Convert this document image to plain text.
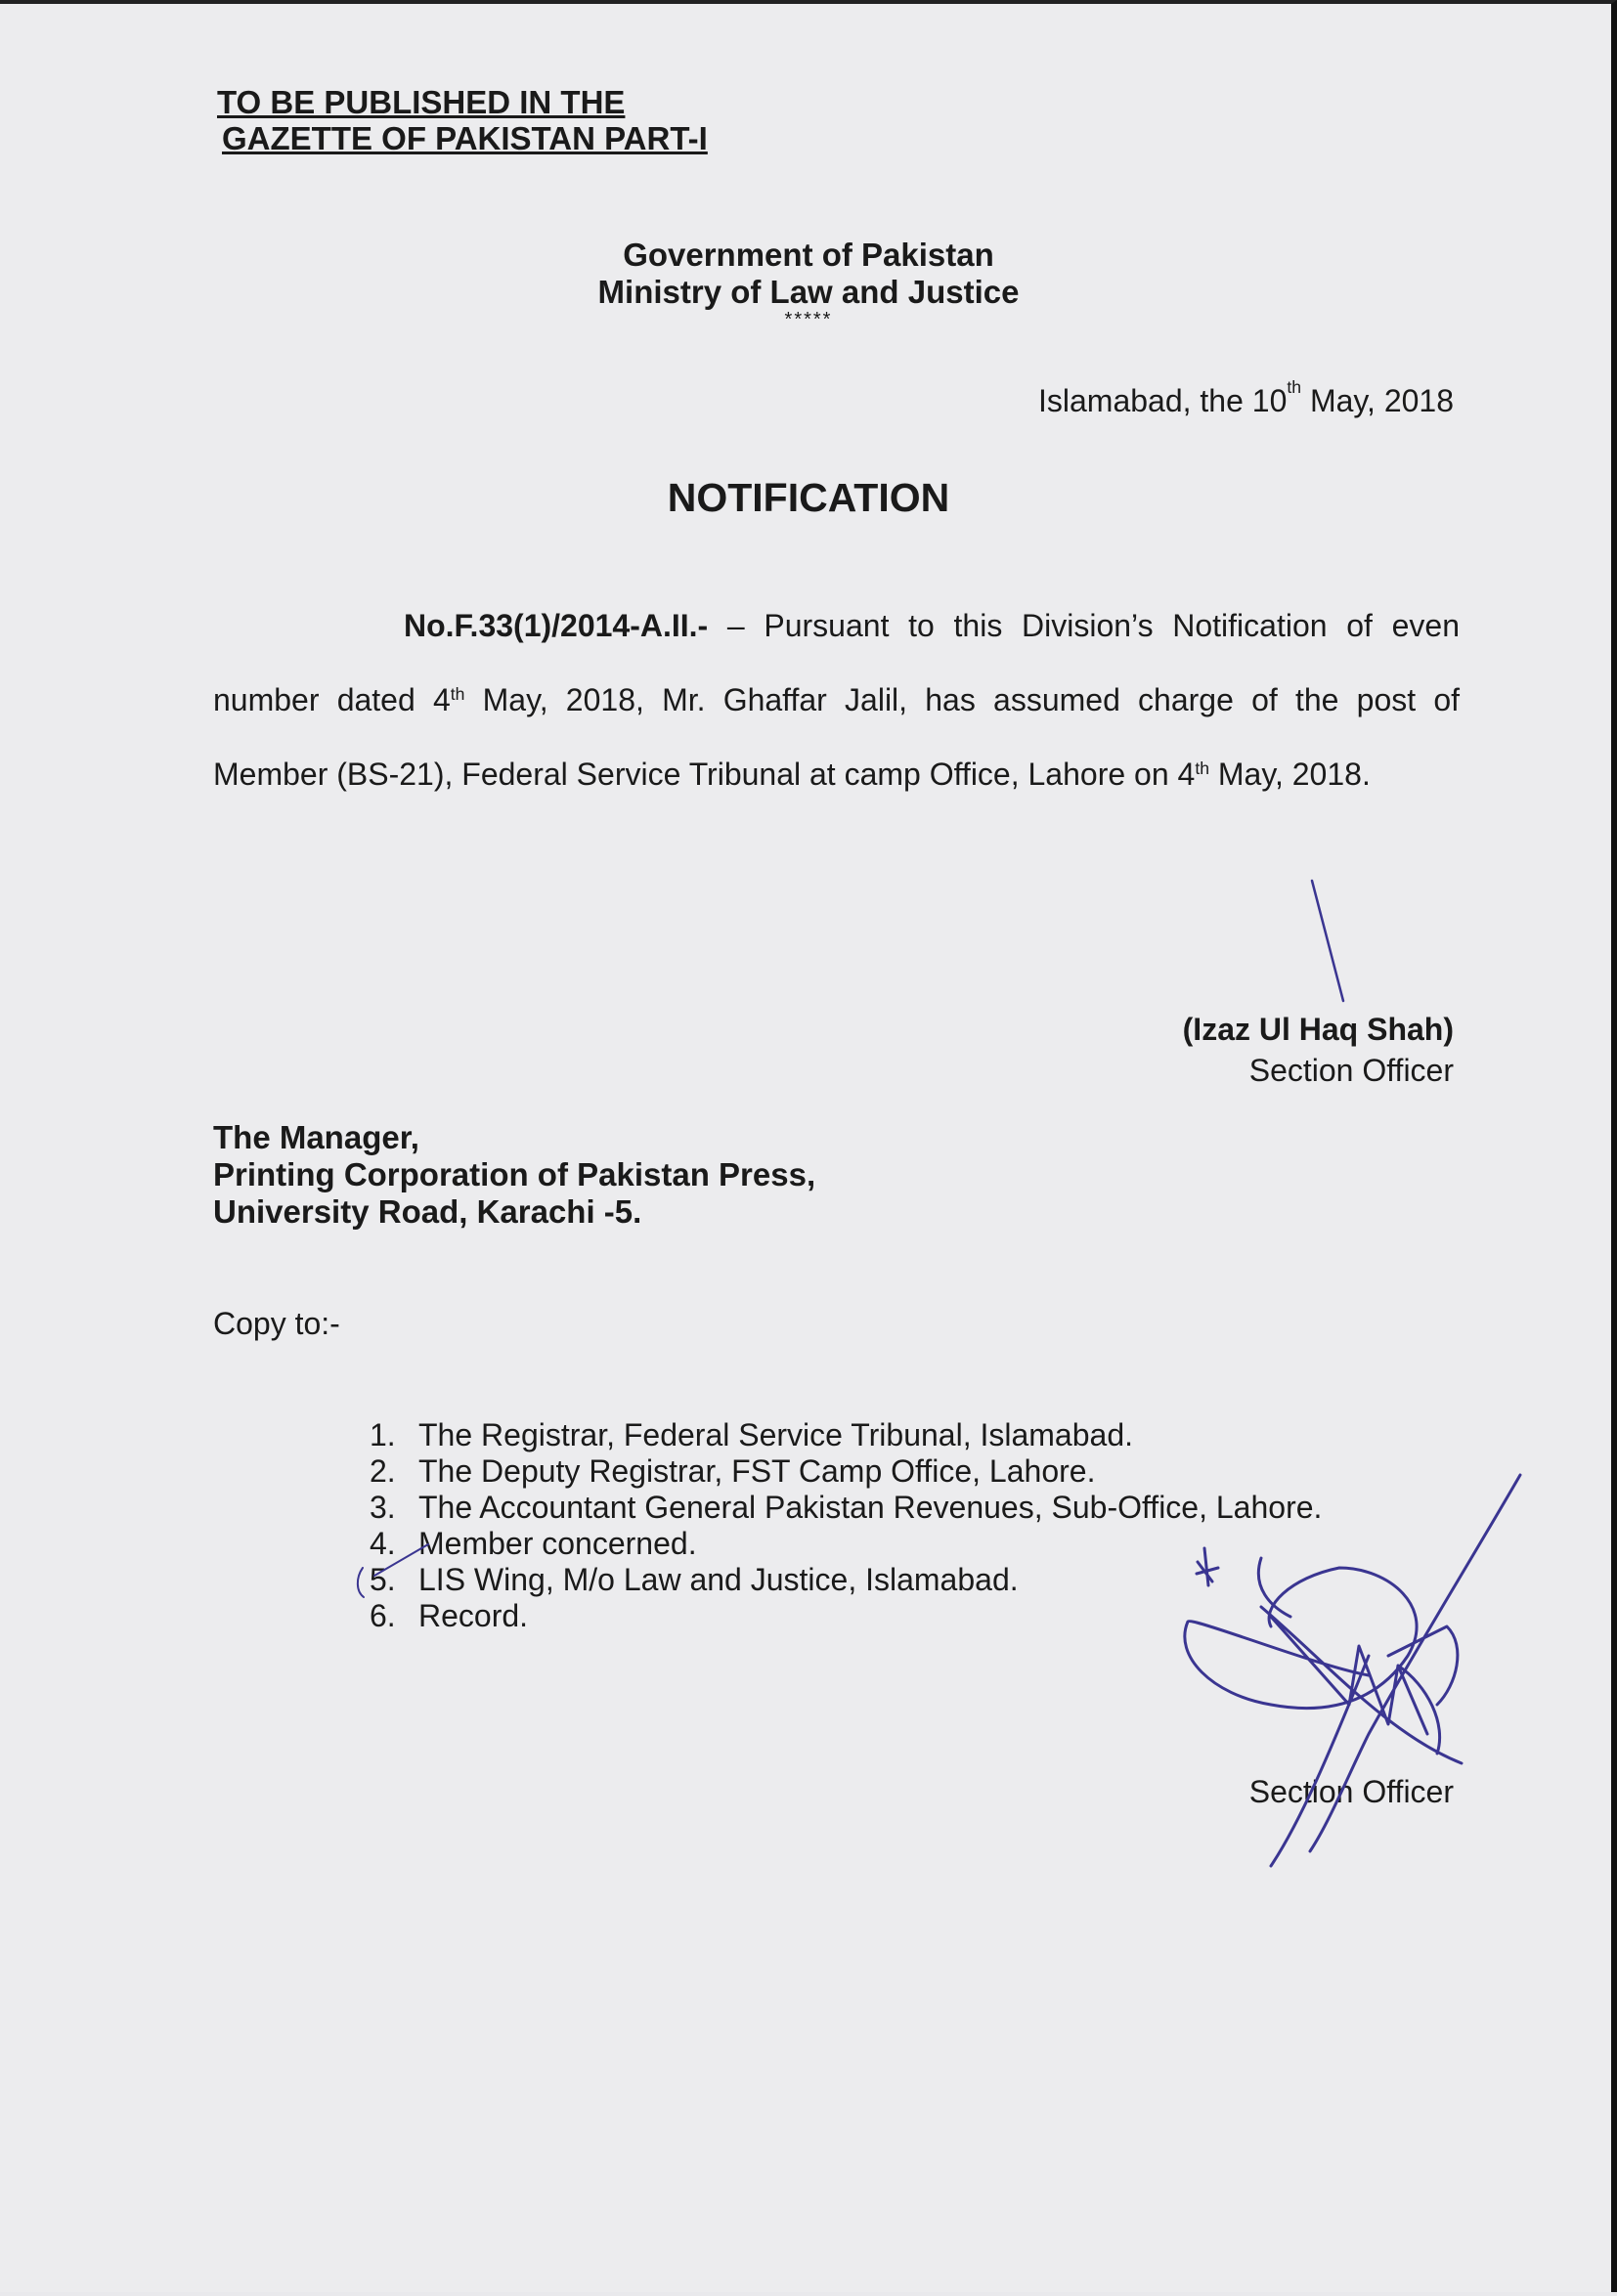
TO BE PUBLISHED IN THE
GAZETTE OF PAKISTAN PART-I
Government of Pakistan
Ministry of Law and Justice
*****
Islamabad, the 10th May, 2018
NOTIFICATION
No.F.33(1)/2014-A.II.- – Pursuant to this Division’s Notification of even
number dated 4th May, 2018, Mr. Ghaffar Jalil, has assumed charge of the post of
Member (BS-21), Federal Service Tribunal at camp Office, Lahore on 4th May, 2018.
(Izaz Ul Haq Shah)
Section Officer
The Manager,
Printing Corporation of Pakistan Press,
University Road, Karachi -5.
Copy to:-
1. The Registrar, Federal Service Tribunal, Islamabad.
2. The Deputy Registrar, FST Camp Office, Lahore.
3. The Accountant General Pakistan Revenues, Sub-Office, Lahore.
4. Member concerned.
5. LIS Wing, M/o Law and Justice, Islamabad.
6. Record.
Section Officer
